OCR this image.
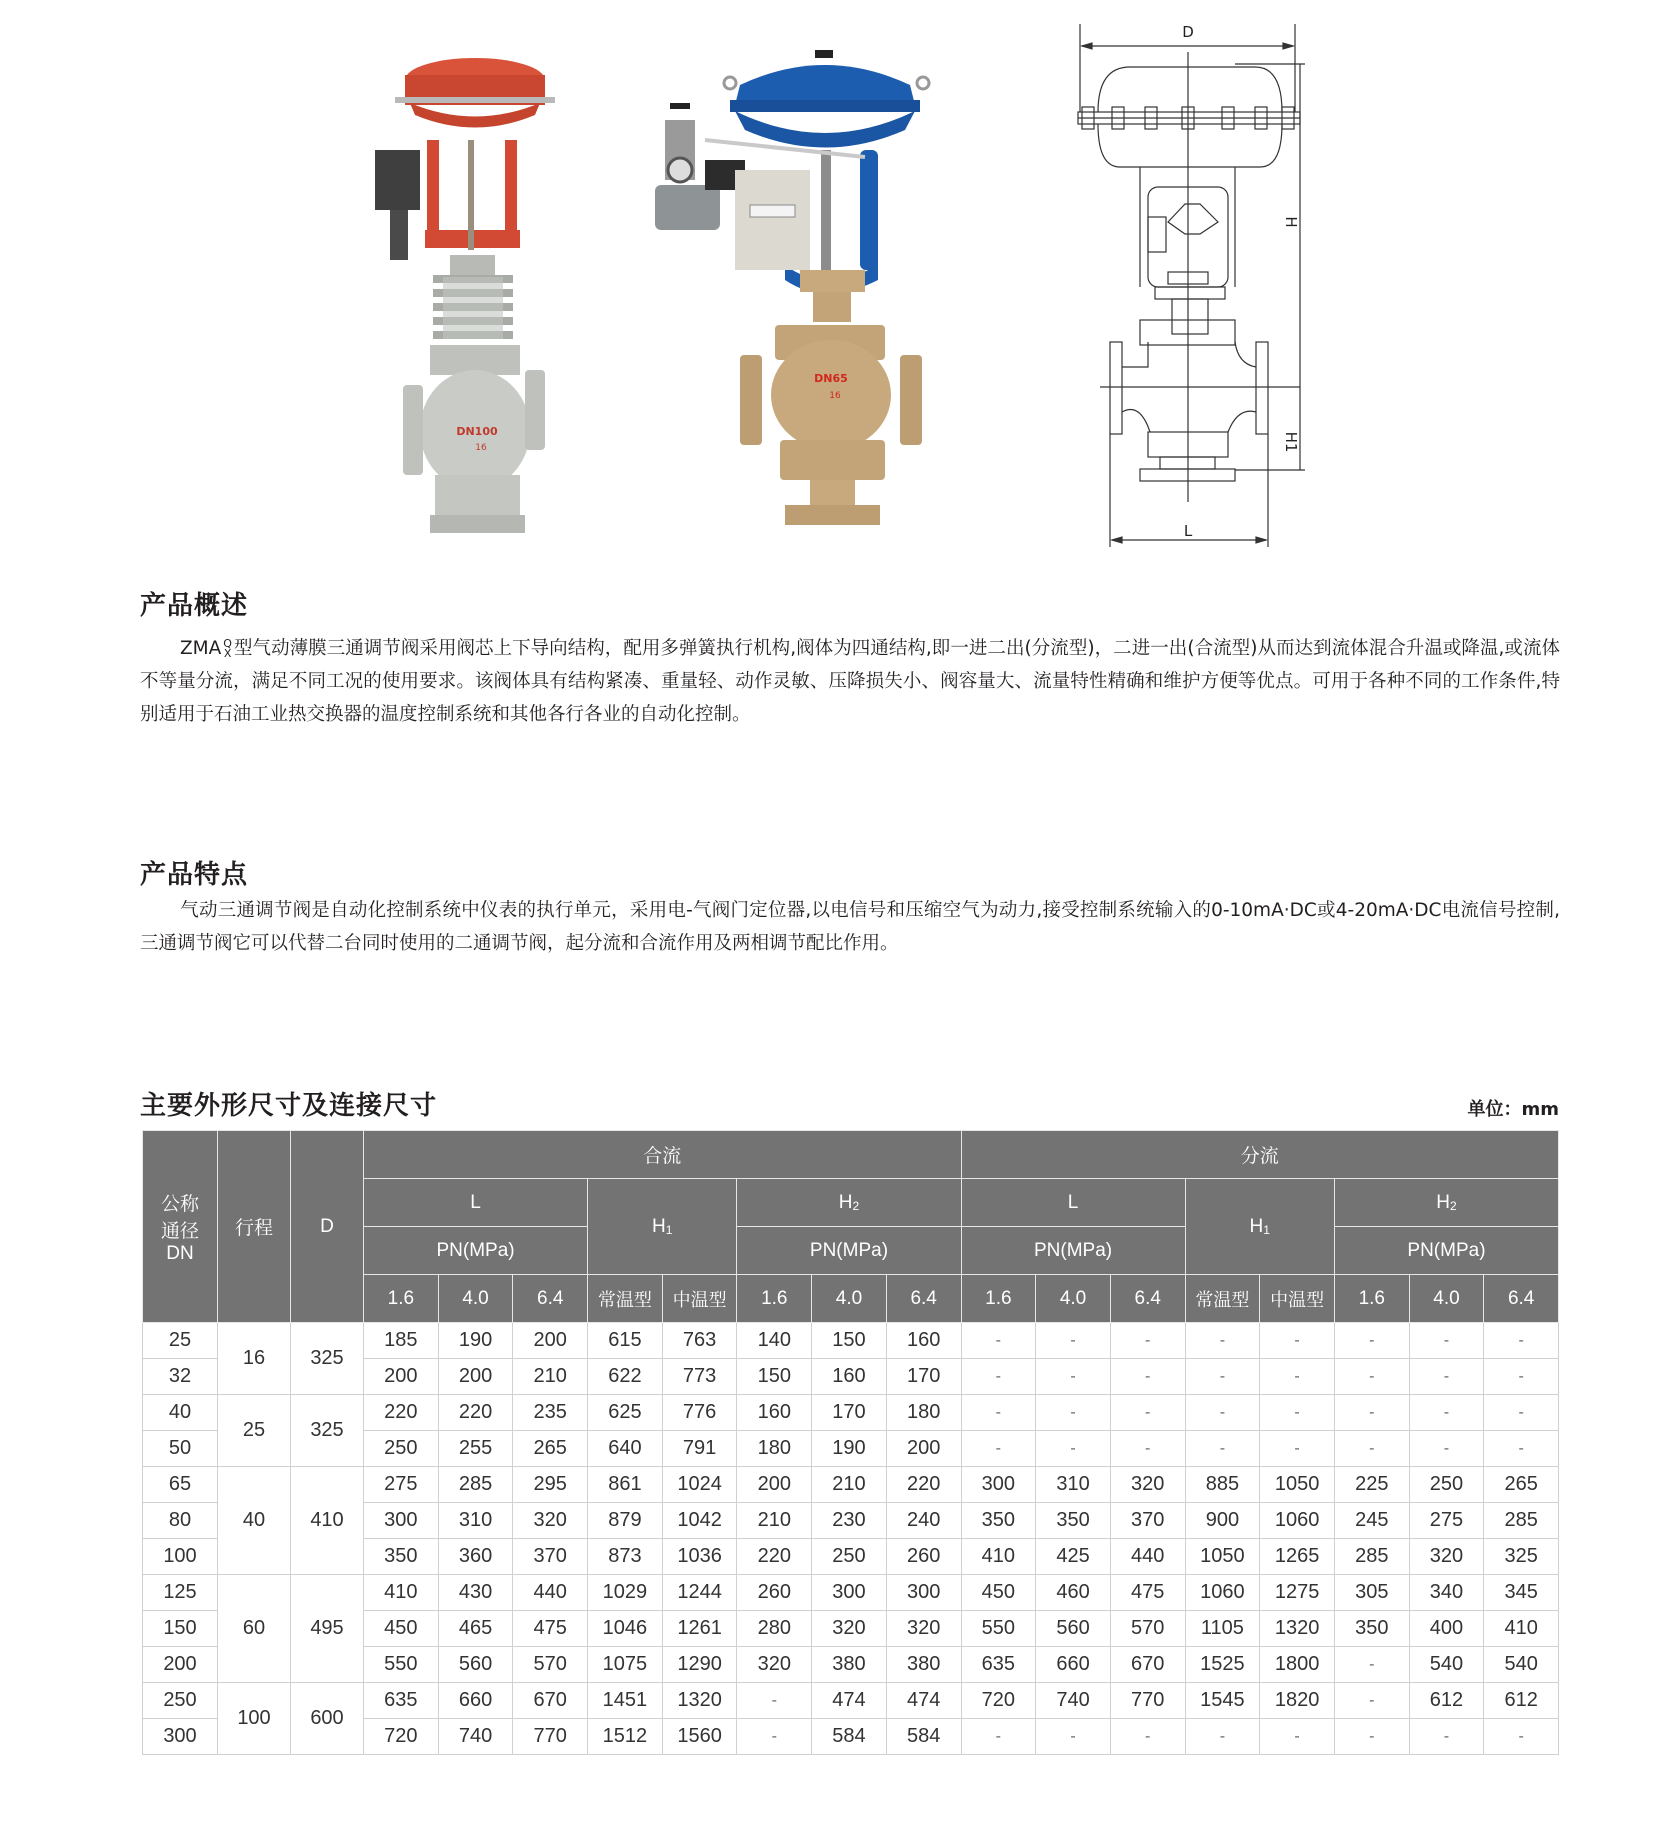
DN100
16
DN65
16
D
H
H1
L
产品概述
ZMA Q
X 型气动薄膜三通调节阀采用阀芯上下导向结构，配用多弹簧执行机构,阀体为四通结构,即一进二出(分流型)，二进一出(合流型)从而达到流体混合升温或降温,或流体不等量分流，满足不同工况的使用要求。该阀体具有结构紧凑、重量轻、动作灵敏、压降损失小、阀容量大、流量特性精确和维护方便等优点。可用于各种不同的工作条件,特别适用于石油工业热交换器的温度控制系统和其他各行各业的自动化控制。
产品特点
气动三通调节阀是自动化控制系统中仪表的执行单元，采用电-气阀门定位器,以电信号和压缩空气为动力,接受控制系统输入的0-10mA·DC或4-20mA·DC电流信号控制,三通调节阀它可以代替二台同时使用的二通调节阀，起分流和合流作用及两相调节配比作用。
主要外形尺寸及连接尺寸	单位：mm
公称
通径
DN	行程	D	合流								分流							
			L			$H_1$		$H_2$			L			$H_1$		$H_2$
			PN(MPa)					PN(MPa)			PN(MPa)					PN(MPa)		
			1.6	4.0	6.4	常温型	中温型	1.6	4.0	6.4	1.6	4.0	6.4	常温型	中温型	1.6	4.0	6.4
25	16	325	185	190	200	615	763	140	150	160	-	-	-	-	-	-	-	-
32			200	200	210	622	773	150	160	170	-	-	-	-	-	-	-	-
40	25	325	220	220	235	625	776	160	170	180	-	-	-	-	-	-	-	-
50			250	255	265	640	791	180	190	200	-	-	-	-	-	-	-	-
65	40	410	275	285	295	861	1024	200	210	220	300	310	320	885	1050	225	250	265
80			300	310	320	879	1042	210	230	240	350	350	370	900	1060	245	275	285
100			350	360	370	873	1036	220	250	260	410	425	440	1050	1265	285	320	325
125	60	495	410	430	440	1029	1244	260	300	300	450	460	475	1060	1275	305	340	345
150			450	465	475	1046	1261	280	320	320	550	560	570	1105	1320	350	400	410
200			550	560	570	1075	1290	320	380	380	635	660	670	1525	1800	-	540	540
250	100	600	635	660	670	1451	1320	-	474	474	720	740	770	1545	1820	-	612	612
300			720	740	770	1512	1560	-	584	584	-	-	-	-	-	-	-	-
